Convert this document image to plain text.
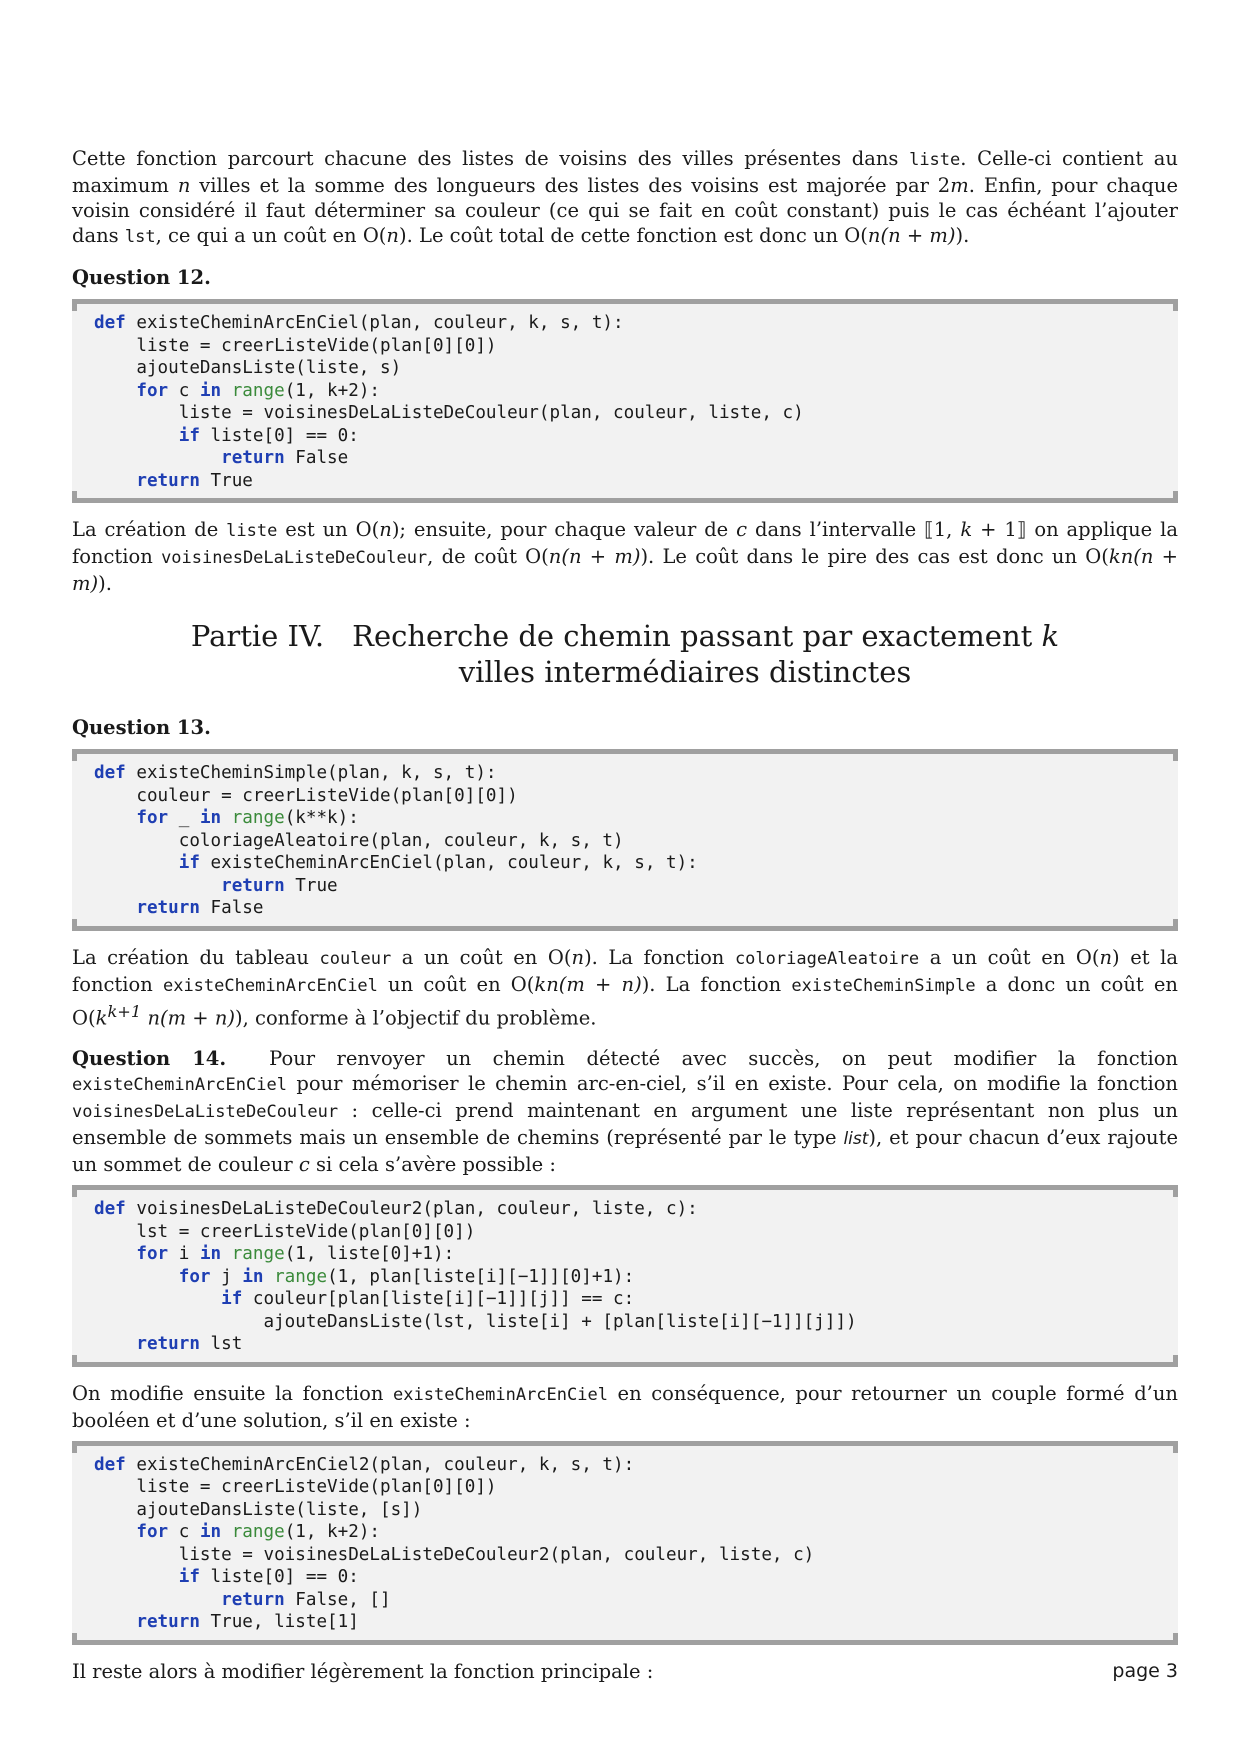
Cette fonction parcourt chacune des listes de voisins des villes présentes dans liste. Celle-ci contient au maximum n villes et la somme des longueurs des listes des voisins est majorée par 2m. Enfin, pour chaque voisin considéré il faut déterminer sa couleur (ce qui se fait en coût constant) puis le cas échéant l’ajouter dans lst, ce qui a un coût en O(n). Le coût total de cette fonction est donc un O(n(n + m)).

Question 12.
def existeCheminArcEnCiel(plan, couleur, k, s, t):
liste = creerListeVide(plan[0][0])
ajouteDansListe(liste, s)
for c in range(1, k+2):
liste = voisinesDeLaListeDeCouleur(plan, couleur, liste, c)
if liste[0] == 0:
return False
return True

La création de liste est un O(n); ensuite, pour chaque valeur de c dans l’intervalle ⟦1, k + 1⟧ on applique la fonction voisinesDeLaListeDeCouleur, de coût O(n(n + m)). Le coût dans le pire des cas est donc un O(kn(n + m)).

Partie IV. Recherche de chemin passant par exactement k
villes intermédiaires distinctes
Question 13.
def existeCheminSimple(plan, k, s, t):
couleur = creerListeVide(plan[0][0])
for _ in range(k**k):
coloriageAleatoire(plan, couleur, k, s, t)
if existeCheminArcEnCiel(plan, couleur, k, s, t):
return True
return False

La création du tableau couleur a un coût en O(n). La fonction coloriageAleatoire a un coût en O(n) et la fonction existeCheminArcEnCiel un coût en O(kn(m + n)). La fonction existeCheminSimple a donc un coût en $O(k^{k+1}$ n(m + n)), conforme à l’objectif du problème.

Question 14. Pour renvoyer un chemin détecté avec succès, on peut modifier la fonction existeCheminArcEnCiel pour mémoriser le chemin arc-en-ciel, s’il en existe. Pour cela, on modifie la fonction voisinesDeLaListeDeCouleur : celle-ci prend maintenant en argument une liste représentant non plus un ensemble de sommets mais un ensemble de chemins (représenté par le type list), et pour chacun d’eux rajoute un sommet de couleur c si cela s’avère possible :

def voisinesDeLaListeDeCouleur2(plan, couleur, liste, c):
lst = creerListeVide(plan[0][0])
for i in range(1, liste[0]+1):
for j in range(1, plan[liste[i][−1]][0]+1):
if couleur[plan[liste[i][−1]][j]] == c:
ajouteDansListe(lst, liste[i] + [plan[liste[i][−1]][j]])
return lst

On modifie ensuite la fonction existeCheminArcEnCiel en conséquence, pour retourner un couple formé d’un booléen et d’une solution, s’il en existe :

def existeCheminArcEnCiel2(plan, couleur, k, s, t):
liste = creerListeVide(plan[0][0])
ajouteDansListe(liste, [s])
for c in range(1, k+2):
liste = voisinesDeLaListeDeCouleur2(plan, couleur, liste, c)
if liste[0] == 0:
return False, []
return True, liste[1]

Il reste alors à modifier légèrement la fonction principale :	page 3
